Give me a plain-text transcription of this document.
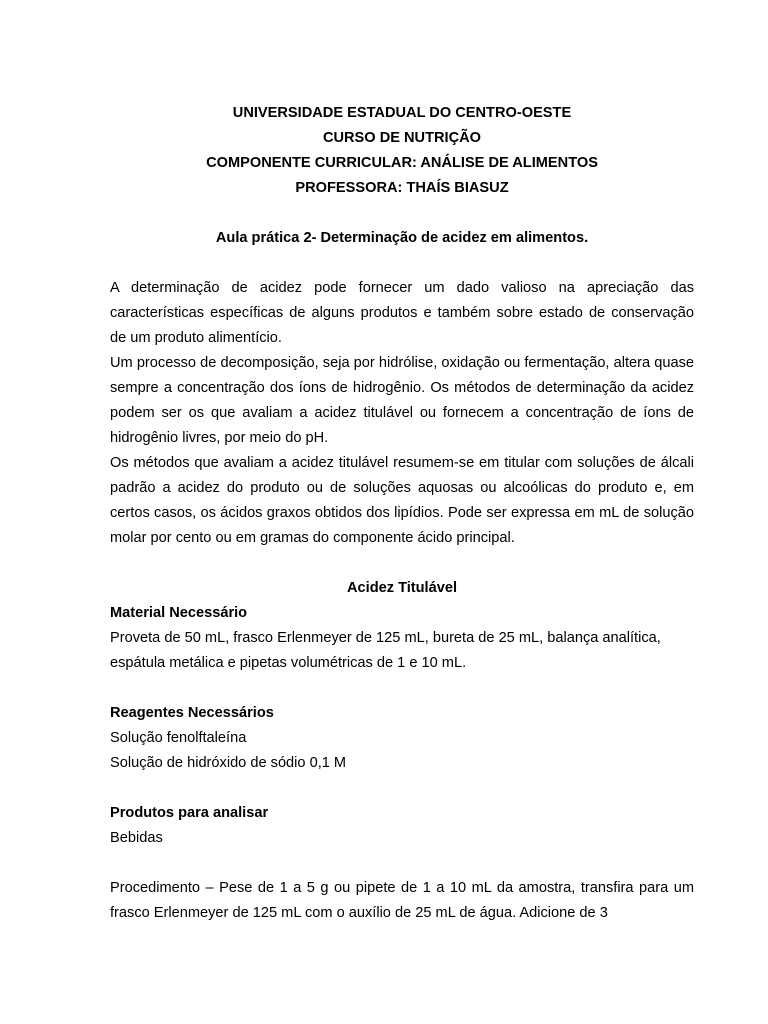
UNIVERSIDADE ESTADUAL DO CENTRO-OESTE

CURSO DE NUTRIÇÃO

COMPONENTE CURRICULAR: ANÁLISE DE ALIMENTOS

PROFESSORA: THAÍS BIASUZ

Aula prática 2- Determinação de acidez em alimentos.

A determinação de acidez pode fornecer um dado valioso na apreciação das características específicas de alguns produtos e também sobre estado de conservação de um produto alimentício.

Um processo de decomposição, seja por hidrólise, oxidação ou fermentação, altera quase sempre a concentração dos íons de hidrogênio. Os métodos de determinação da acidez podem ser os que avaliam a acidez titulável ou fornecem a concentração de íons de hidrogênio livres, por meio do pH.

Os métodos que avaliam a acidez titulável resumem-se em titular com soluções de álcali padrão a acidez do produto ou de soluções aquosas ou alcoólicas do produto e, em certos casos, os ácidos graxos obtidos dos lipídios. Pode ser expressa em mL de solução molar por cento ou em gramas do componente ácido principal.

Acidez Titulável

Material Necessário

Proveta de 50 mL, frasco Erlenmeyer de 125 mL, bureta de 25 mL, balança analítica, espátula metálica e pipetas volumétricas de 1 e 10 mL.

Reagentes Necessários

Solução fenolftaleína

Solução de hidróxido de sódio 0,1 M

Produtos para analisar

Bebidas

Procedimento – Pese de 1 a 5 g ou pipete de 1 a 10 mL da amostra, transfira para um frasco Erlenmeyer de 125 mL com o auxílio de 25 mL de água. Adicione de 3
